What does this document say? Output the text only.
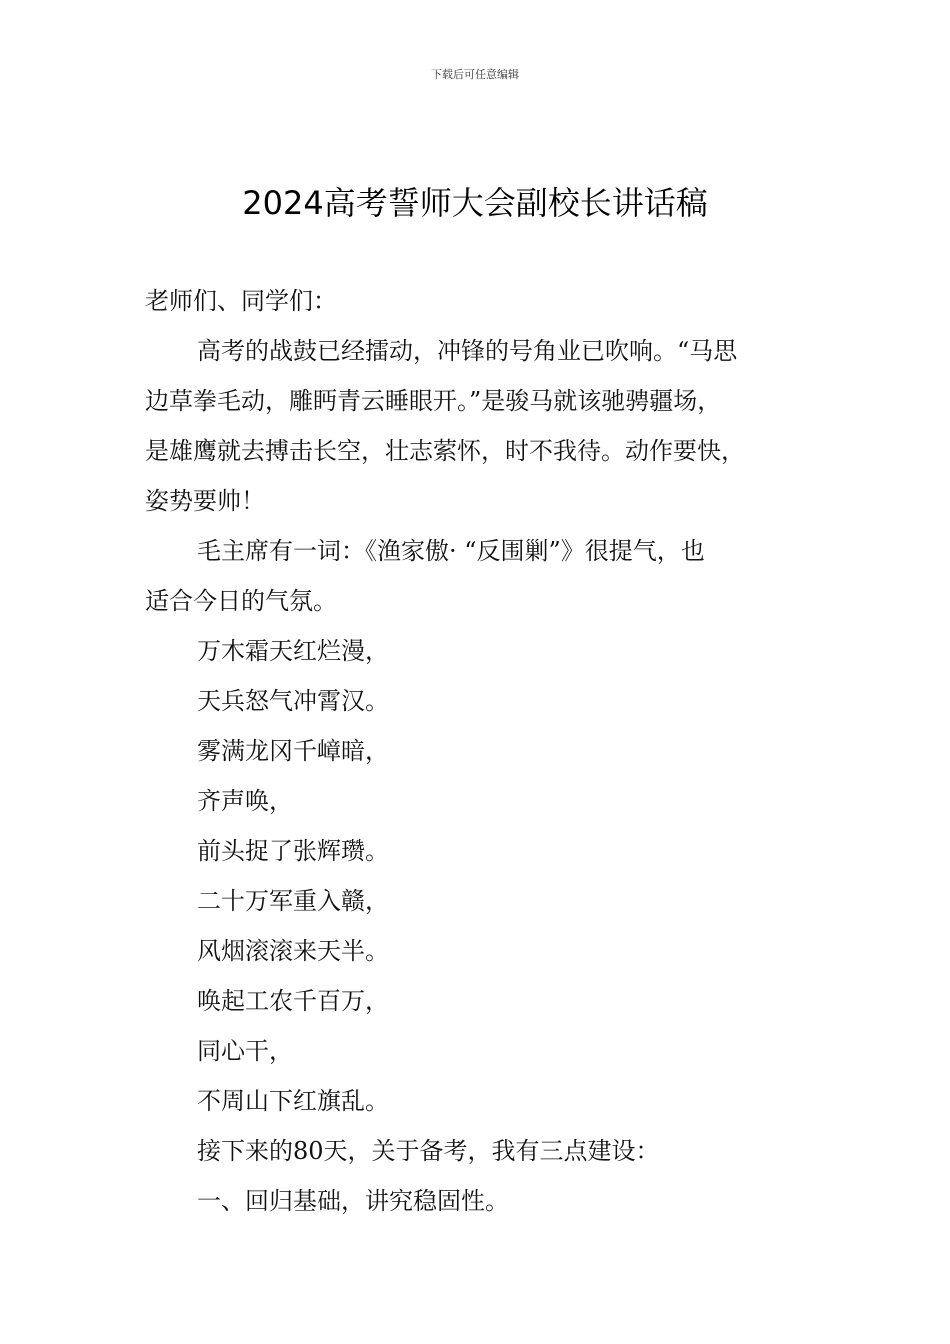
下载后可任意编辑
2024高考誓师大会副校长讲话稿
老师们、同学们：
高考的战鼓已经擂动，冲锋的号角业已吹响。“马思
边草拳毛动，雕眄青云睡眼开。”是骏马就该驰骋疆场，
是雄鹰就去搏击长空，壮志萦怀，时不我待。动作要快，
姿势要帅！
毛主席有一词：《渔家傲· “反围剿”》很提气，也
适合今日的气氛。
万木霜天红烂漫，
天兵怒气冲霄汉。
雾满龙冈千嶂暗，
齐声唤，
前头捉了张辉瓒。
二十万军重入赣，
风烟滚滚来天半。
唤起工农千百万，
同心干，
不周山下红旗乱。
接下来的80天，关于备考，我有三点建设：
一、回归基础，讲究稳固性。
